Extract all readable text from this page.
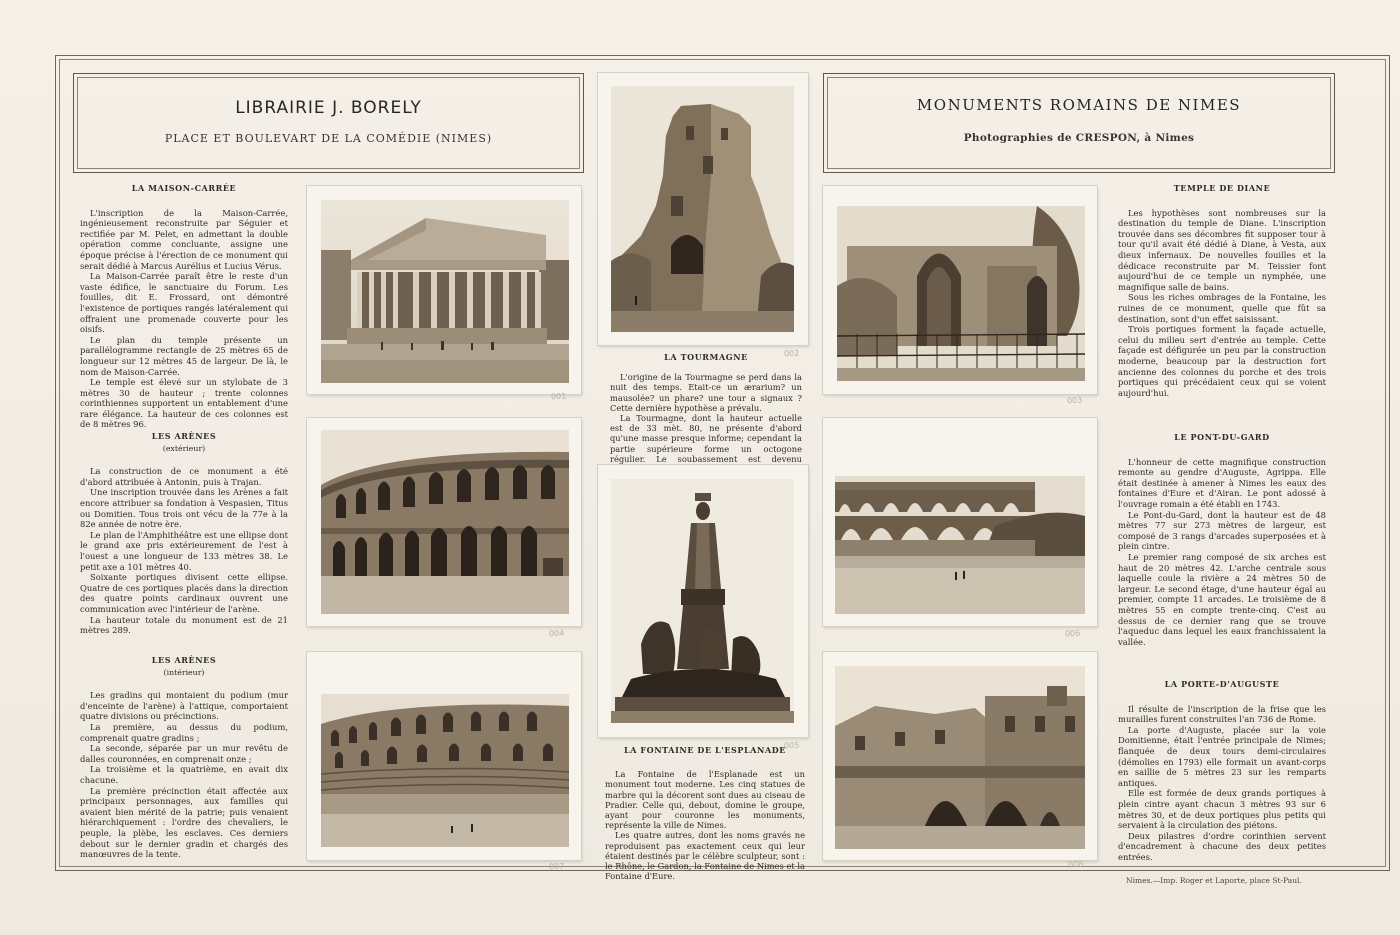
LIBRAIRIE J. BORELY
PLACE ET BOULEVART DE LA COMÉDIE (NIMES)
MONUMENTS ROMAINS DE NIMES
Photographies de CRESPON, à Nimes
LA MAISON-CARRÉE

L'inscription de la Maison-Carrée, ingénieusement reconstruite par Séguier et rectifiée par M. Pelet, en admettant la double opération comme concluante, assigne une époque précise à l'érection de ce monument qui serait dédié à Marcus Aurélius et Lucius Vérus.

La Maison-Carrée paraît être le reste d'un vaste édifice, le sanctuaire du Forum. Les fouilles, dit E. Frossard, ont démontré l'existence de portiques rangés latéralement qui offraient une promenade couverte pour les oisifs.

Le plan du temple présente un parallélogramme rectangle de 25 mètres 65 de longueur sur 12 mètres 45 de largeur. De là, le nom de Maison-Carrée.

Le temple est élevé sur un stylobate de 3 mètres 30 de hauteur ; trente colonnes corinthiennes supportent un entablement d'une rare élégance. La hauteur de ces colonnes est de 8 mètres 96.

LES ARÈNES
(extérieur)

La construction de ce monument a été d'abord attribuée à Antonin, puis à Trajan.

Une inscription trouvée dans les Arènes a fait encore attribuer sa fondation à Vespasien, Titus ou Domitien. Tous trois ont vécu de la 77e à la 82e année de notre ère.

Le plan de l'Amphithéâtre est une ellipse dont le grand axe pris extérieurement de l'est à l'ouest a une longueur de 133 mètres 38. Le petit axe a 101 mètres 40.

Soixante portiques divisent cette ellipse. Quatre de ces portiques placés dans la direction des quatre points cardinaux ouvrent une communication avec l'intérieur de l'arène.

La hauteur totale du monument est de 21 mètres 289.

LES ARÈNES
(intérieur)

Les gradins qui montaient du podium (mur d'enceinte de l'arène) à l'attique, comportaient quatre divisions ou précinctions.

La première, au dessus du podium, comprenait quatre gradins ;

La seconde, séparée par un mur revêtu de dalles couronnées, en comprenait onze ;

La troisième et la quatrième, en avait dix chacune.

La première précinction était affectée aux principaux personnages, aux familles qui avaient bien mérité de la patrie; puis venaient hiérarchiquement : l'ordre des chevaliers, le peuple, la plèbe, les esclaves. Ces derniers debout sur le dernier gradin et chargés des manœuvres de la tente.

001
004
007
002
LA TOURMAGNE

L'origine de la Tourmagne se perd dans la nuit des temps. Etait-ce un ærarium? un mausolée? un phare? une tour a signaux ? Cette dernière hypothèse a prévalu.

La Tourmagne, dont la hauteur actuelle est de 33 mèt. 80, ne présente d'abord qu'une masse presque informe; cependant la partie supérieure forme un octogone régulier. Le soubassement est devenu

005
LA FONTAINE DE L'ESPLANADE

La Fontaine de l'Esplanade est un monument tout moderne. Les cinq statues de marbre qui la décorent sont dues au ciseau de Pradier. Celle qui, debout, domine le groupe, ayant pour couronne les monuments, représente la ville de Nimes.

Les quatre autres, dont les noms gravés ne reproduisent pas exactement ceux qui leur étaient destinés par le célèbre sculpteur, sont : le Rhône, le Gardon, la Fontaine de Nimes et la Fontaine d'Eure.

003
006
008
TEMPLE DE DIANE

Les hypothèses sont nombreuses sur la destination du temple de Diane. L'inscription trouvée dans ses décombres fit supposer tour à tour qu'il avait été dédié à Diane, à Vesta, aux dieux infernaux. De nouvelles fouilles et la dédicace reconstruite par M. Teissier font aujourd'hui de ce temple un nymphée, une magnifique salle de bains.

Sous les riches ombrages de la Fontaine, les ruines de ce monument, quelle que fût sa destination, sont d'un effet saisissant.

Trois portiques forment la façade actuelle, celui du milieu sert d'entrée au temple. Cette façade est défigurée un peu par la construction moderne, beaucoup par la destruction fort ancienne des colonnes du porche et des trois portiques qui précédaient ceux qui se voient aujourd'hui.

LE PONT-DU-GARD

L'honneur de cette magnifique construction remonte au gendre d'Auguste, Agrippa. Elle était destinée à amener à Nimes les eaux des fontaines d'Eure et d'Airan. Le pont adossé à l'ouvrage romain a été établi en 1743.

Le Pont-du-Gard, dont la hauteur est de 48 mètres 77 sur 273 mètres de largeur, est composé de 3 rangs d'arcades superposées et à plein cintre.

Le premier rang composé de six arches est haut de 20 mètres 42. L'arche centrale sous laquelle coule la rivière a 24 mètres 50 de largeur. Le second étage, d'une hauteur égal au premier, compte 11 arcades. Le troisième de 8 mètres 55 en compte trente-cinq. C'est au dessus de ce dernier rang que se trouve l'aqueduc dans lequel les eaux franchissaient la vallée.

LA PORTE-D'AUGUSTE

Il résulte de l'inscription de la frise que les murailles furent construites l'an 736 de Rome.

La porte d'Auguste, placée sur la voie Domitienne, était l'entrée principale de Nimes; flanquée de deux tours demi-circulaires (démolies en 1793) elle formait un avant-corps en saillie de 5 mètres 23 sur les remparts antiques.

Elle est formée de deux grands portiques à plein cintre ayant chacun 3 mètres 93 sur 6 mètres 30, et de deux portiques plus petits qui servaient à la circulation des piétons.

Deux pilastres d'ordre corinthien servent d'encadrement à chacune des deux petites entrées.

Nimes.—Imp. Roger et Laporte, place St-Paul.
